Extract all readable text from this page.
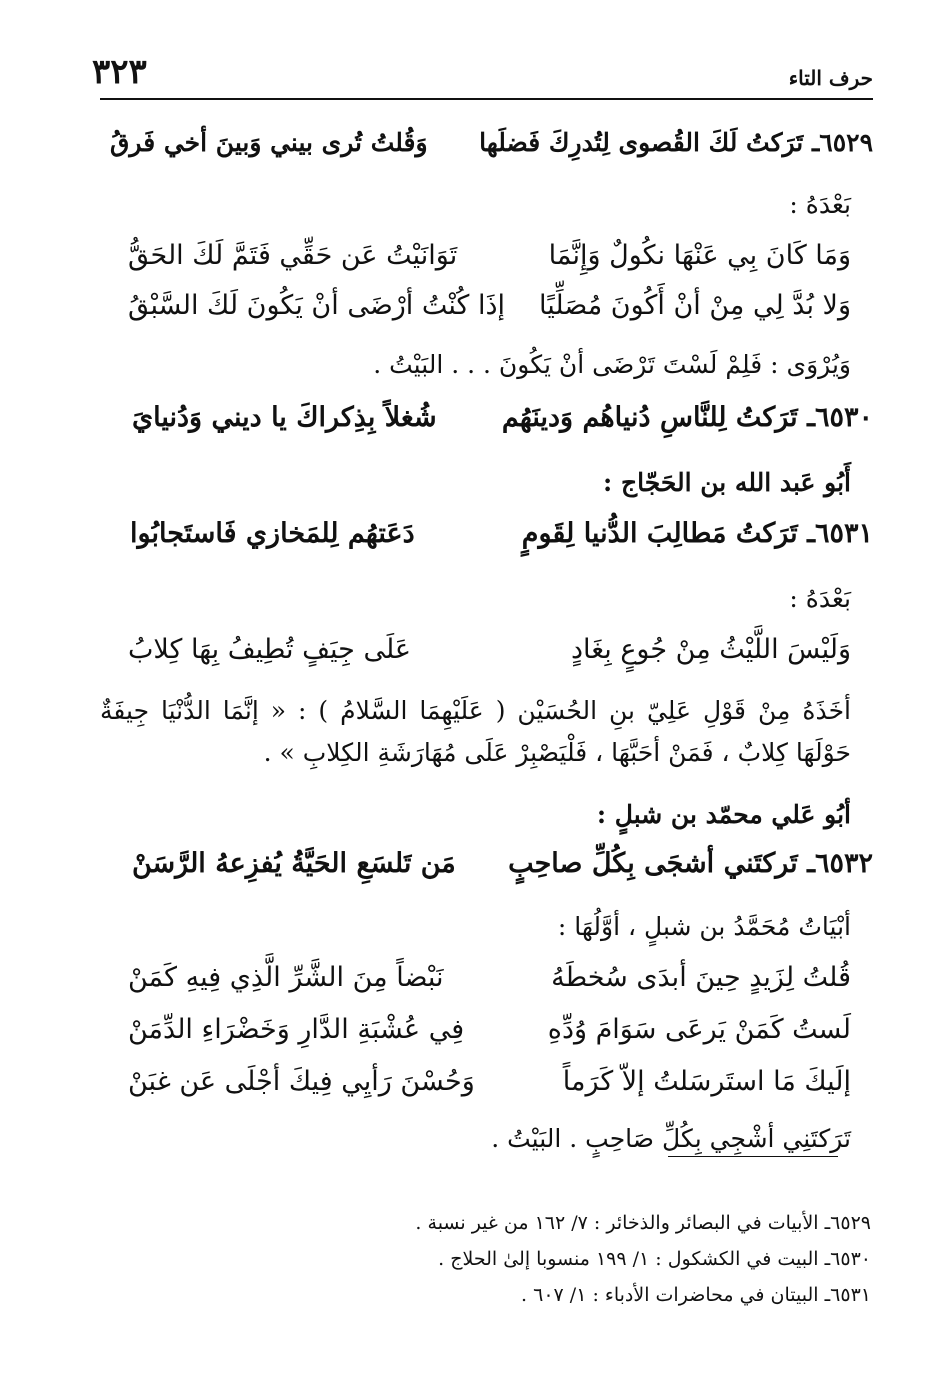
٣٢٣	حرف التاء
٦٥٢٩ـ تَرَكتُ لَكَ القُصوى لِتُدرِكَ فَضلَها
وَقُلتُ تُرى بيني وَبينَ أخي فَرقُ
بَعْدَهُ :
وَمَا كَانَ بِي عَنْهَا نكُولٌ وَإِنَّمَا
تَوَانَيْتُ عَن حَقِّي فَتَمَّ لَكَ الحَقُّ
وَلا بُدَّ لِي مِنْ أنْ أَكُونَ مُصَلِّيًا
إذَا كُنْتُ أرْضَى أنْ يَكُونَ لَكَ السَّبْقُ
وَيُرْوَى : فَلِمْ لَسْتَ تَرْضَى أنْ يَكُونَ . . . البَيْتُ .
٦٥٣٠ـ تَرَكتُ لِلنَّاسِ دُنياهُم وَدينَهُم
شُغلاً بِذِكراكَ يا ديني وَدُنيايَ
أَبُو عَبد الله بن الحَجّاج :
٦٥٣١ـ تَرَكتُ مَطالِبَ الدُّنيا لِقَومٍ
دَعَتهُم لِلمَخازي فَاستَجابُوا
بَعْدَهُ :
وَلَيْسَ اللَّيْثُ مِنْ جُوعٍ بِغَادٍ
عَلَى جِيَفٍ تُطِيفُ بِهَا كِلابُ
أخَذَهُ مِنْ قَوْلِ عَلِيّ بنِ الحُسَيْن ( عَلَيْهِمَا السَّلامُ ) : « إنَّمَا الدُّنْيَا جِيفَةٌ حَوْلَهَا كِلابٌ ، فَمَنْ أحَبَّهَا ، فَلْيَصْبِرْ عَلَى مُهَارَشَةِ الكِلابِ » .
أبُو عَلي محمّد بن شبلٍ :
٦٥٣٢ـ تَركتَني أشجَى بِكُلِّ صاحِبٍ
مَن تَلسَعِ الحَيَّةُ يُفزِعهُ الرَّسَنْ
أبْيَاتُ مُحَمَّدُ بن شبلٍ ، أوَّلُهَا :
قُلتُ لِزَيدٍ حِينَ أبدَى سُخطَهُ
نَبْضاً مِنَ الشَّرِّ الَّذِي فِيهِ كَمَنْ
لَستُ كَمَنْ يَرعَى سَوَامَ وُدِّهِ
فِي عُشْبَةِ الدَّارِ وَخَضْرَاءِ الدِّمَنْ
إلَيكَ مَا استَرسَلتُ إلاّ كَرَماً
وَحُسْنَ رَأيِي فِيكَ أجْلَى عَن غبَنْ
تَرَكتَنِي أشْجِي بِكُلِّ صَاحِبٍ . البَيْتُ .
٦٥٢٩ـ الأبيات في البصائر والذخائر : ٧/ ١٦٢ من غير نسبة .
٦٥٣٠ـ البيت في الكشكول : ١/ ١٩٩ منسوبا إلىٰ الحلاج .
٦٥٣١ـ البيتان في محاضرات الأدباء : ١/ ٦٠٧ .
